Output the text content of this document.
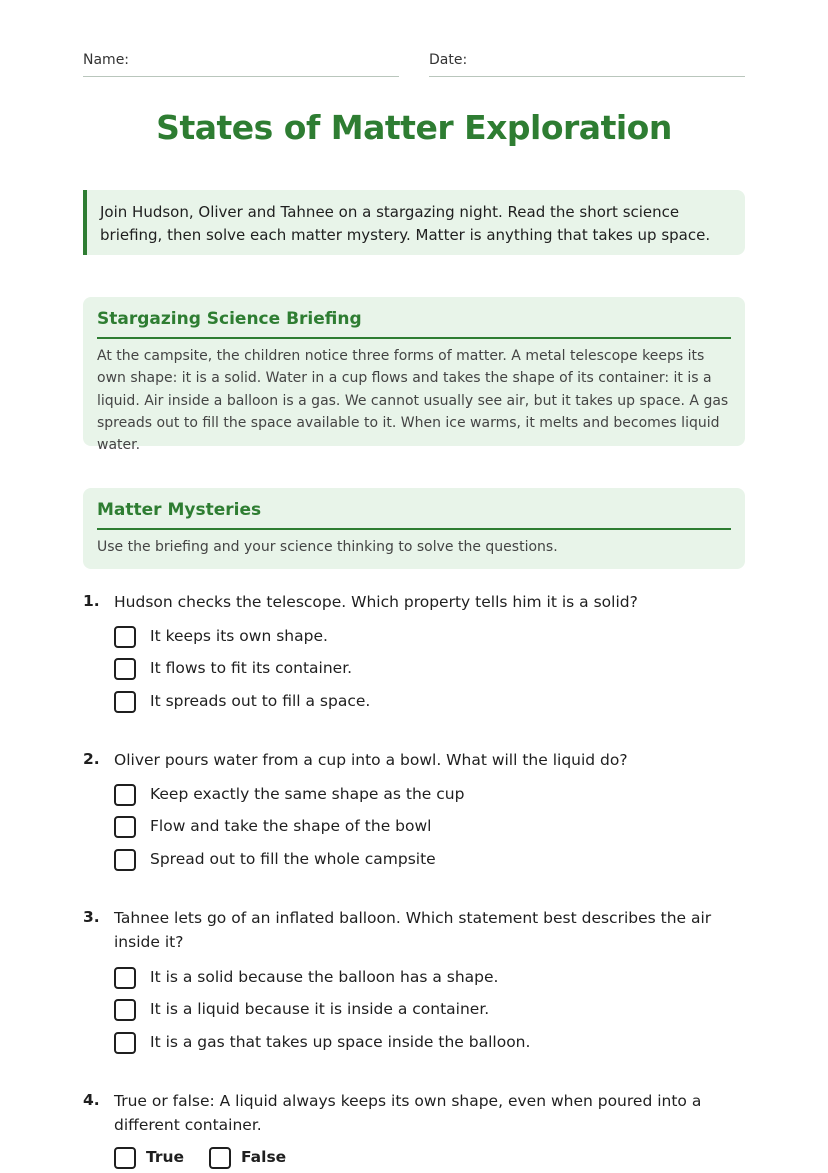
Name:	Date:
States of Matter Exploration
Join Hudson, Oliver and Tahnee on a stargazing night. Read the short science briefing, then solve each matter mystery. Matter is anything that takes up space.
Stargazing Science Briefing

At the campsite, the children notice three forms of matter. A metal telescope keeps its own shape: it is a solid. Water in a cup flows and takes the shape of its container: it is a liquid. Air inside a balloon is a gas. We cannot usually see air, but it takes up space. A gas spreads out to fill the space available to it. When ice warms, it melts and becomes liquid water.

Matter Mysteries

Use the briefing and your science thinking to solve the questions.

1. Hudson checks the telescope. Which property tells him it is a solid?
It keeps its own shape.
It flows to fit its container.
It spreads out to fill a space.
2. Oliver pours water from a cup into a bowl. What will the liquid do?
Keep exactly the same shape as the cup
Flow and take the shape of the bowl
Spread out to fill the whole campsite
3. Tahnee lets go of an inflated balloon. Which statement best describes the air inside it?
It is a solid because the balloon has a shape.
It is a liquid because it is inside a container.
It is a gas that takes up space inside the balloon.
4. True or false: A liquid always keeps its own shape, even when poured into a different container.
True	False
